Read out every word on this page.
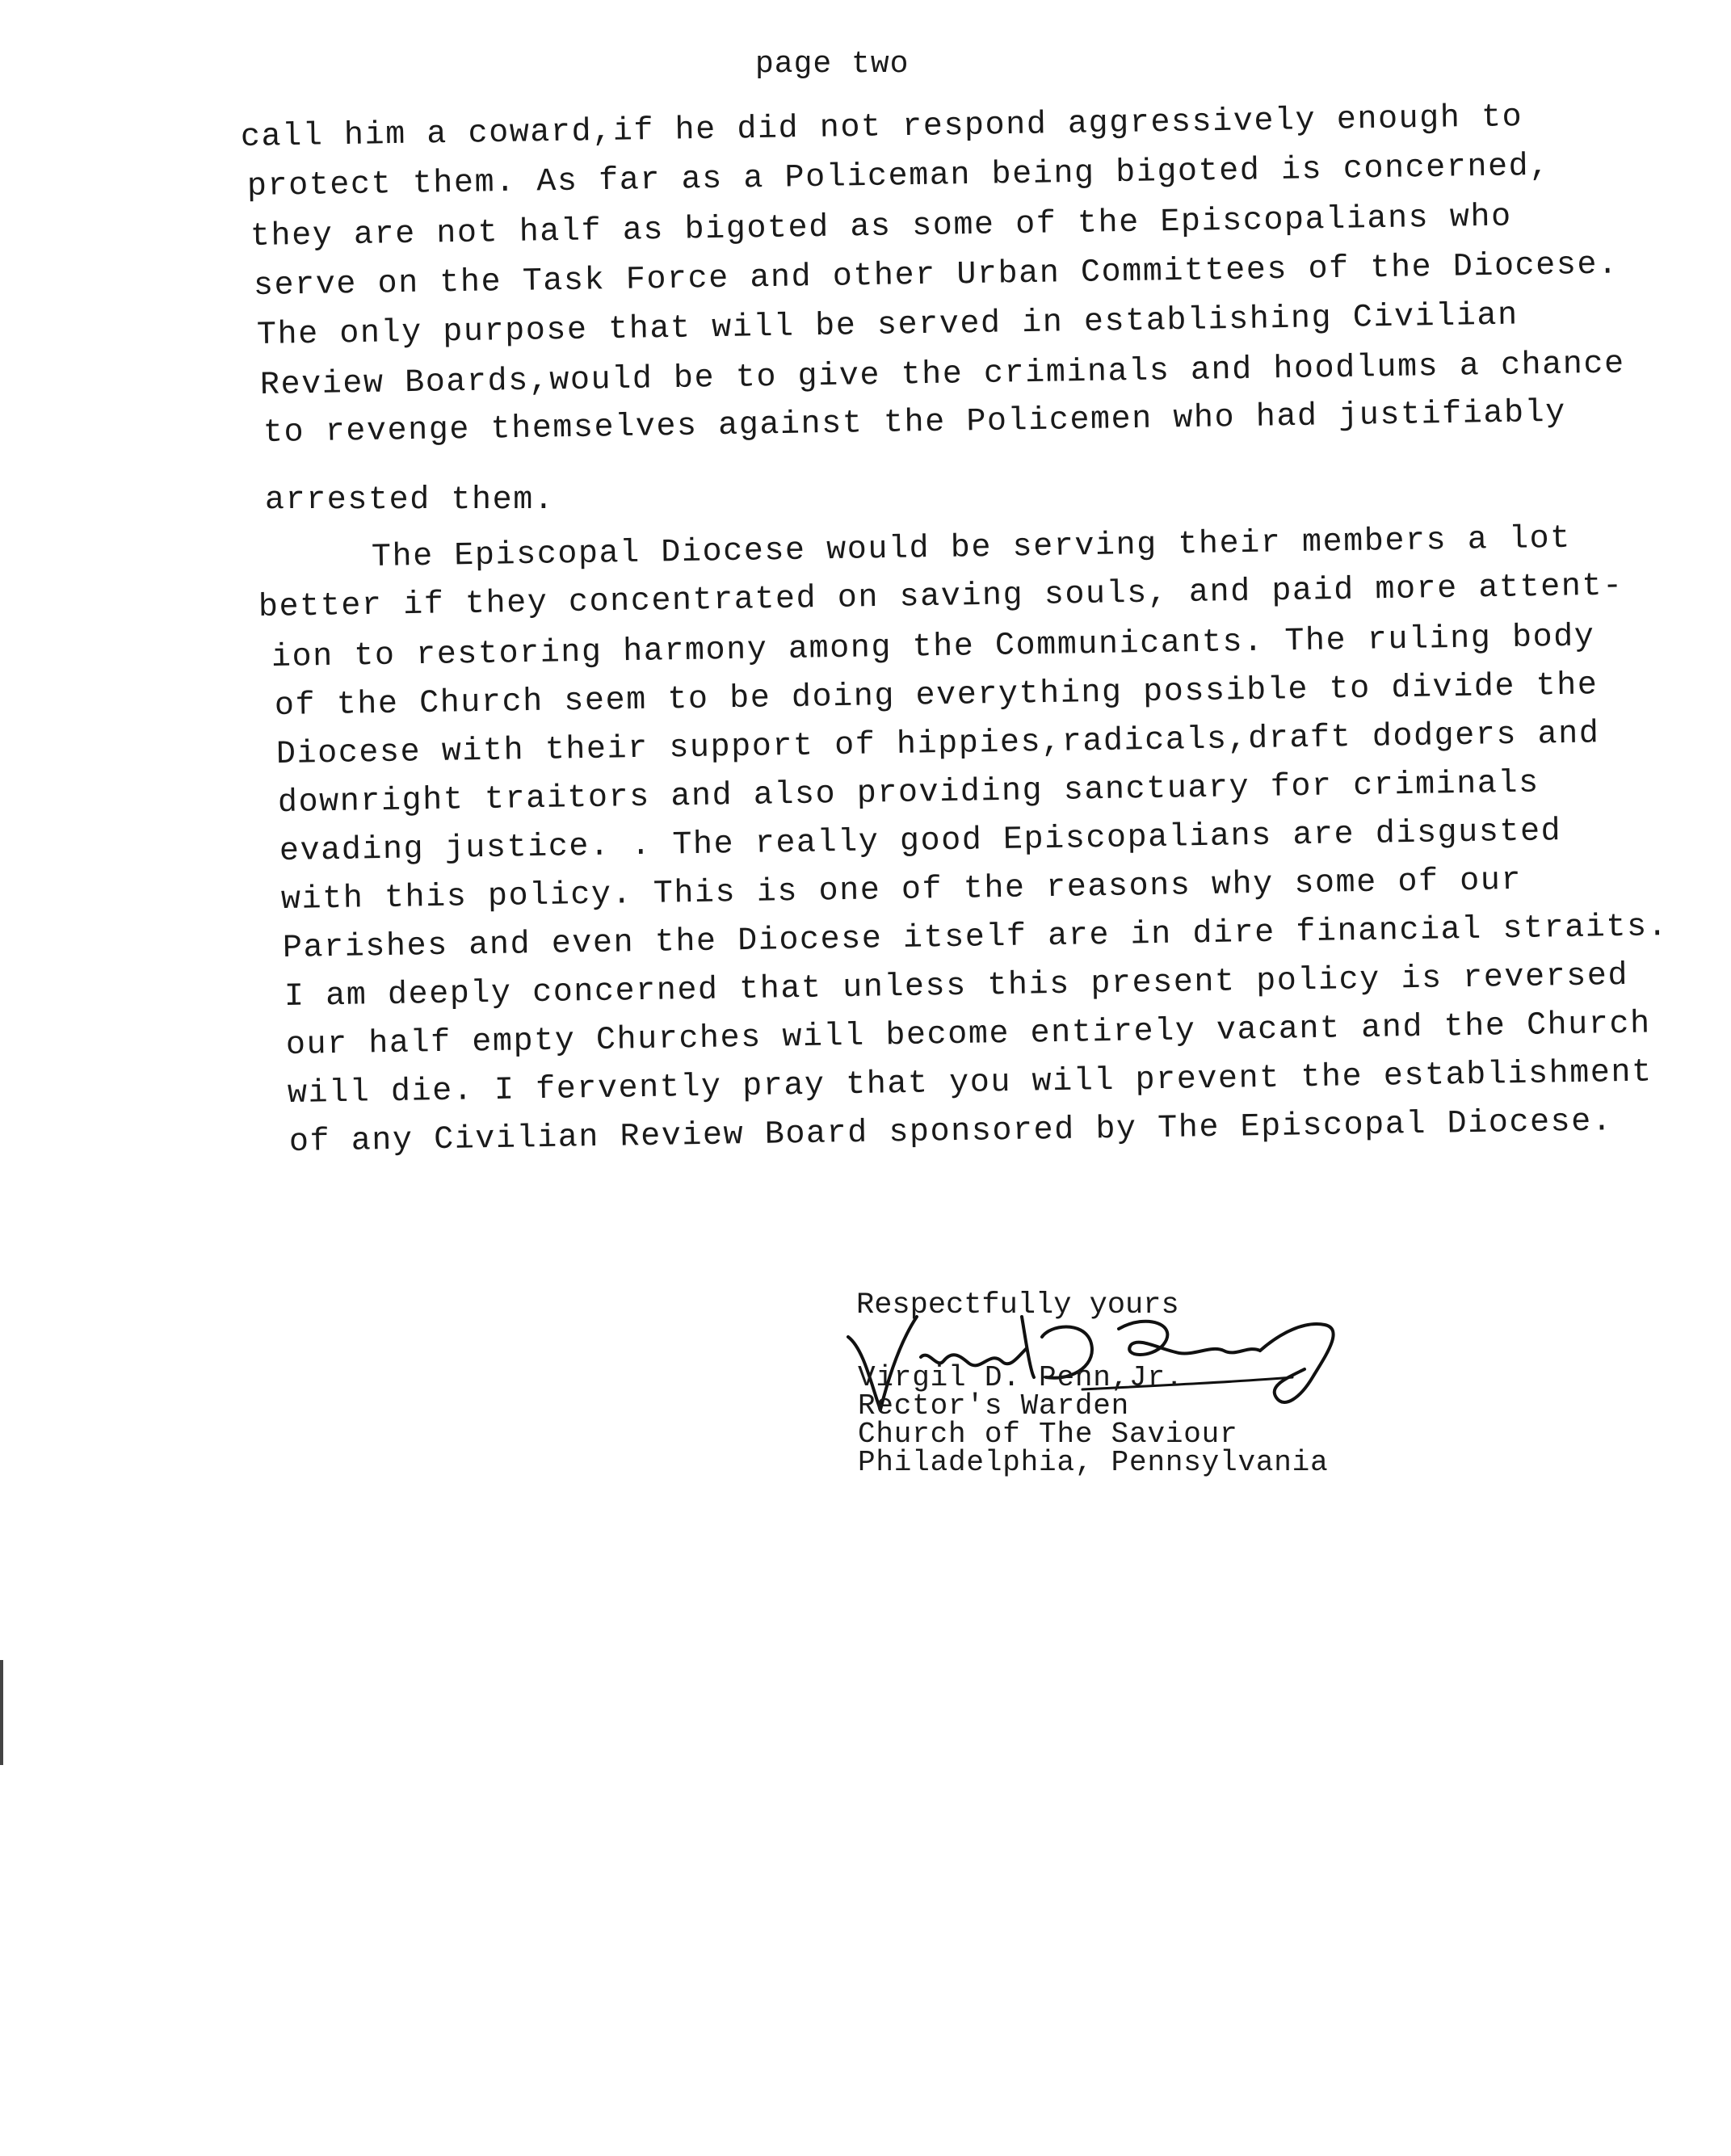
page two
call him a coward,if he did not respond aggressively enough to
protect them. As far as a Policeman being bigoted is concerned,
they are not half as bigoted as some of the Episcopalians who
serve on the Task Force and other Urban Committees of the Diocese.
The only purpose that will be served in establishing Civilian
Review Boards,would be to give the criminals and hoodlums a chance
to revenge themselves against the Policemen who had justifiably
arrested them.
The Episcopal Diocese would be serving their members a lot
better if they concentrated on saving souls, and paid more attent-
ion to restoring harmony among the Communicants. The ruling body
of the Church seem to be doing everything possible to divide the
Diocese with their support of hippies,radicals,draft dodgers and
downright traitors and also providing sanctuary for criminals
evading justice. . The really good Episcopalians are disgusted
with this policy. This is one of the reasons why some of our
Parishes and even the Diocese itself are in dire financial straits.
I am deeply concerned that unless this present policy is reversed
our half empty Churches will become entirely vacant and the Church
will die. I fervently pray that you will prevent the establishment
of any Civilian Review Board sponsored by The Episcopal Diocese.
Respectfully yours
Virgil D. Penn,Jr.
Rector's Warden
Church of The Saviour
Philadelphia, Pennsylvania
